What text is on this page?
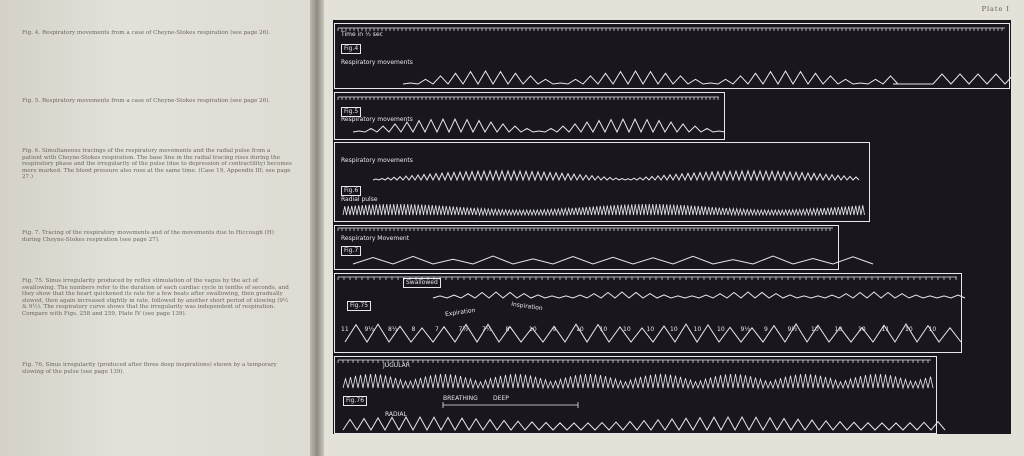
Fig. 4. Respiratory movements from a case of Cheyne-Stokes respiration (see page 26).
Fig. 5. Respiratory movements from a case of Cheyne-Stokes respiration (see page 26).
Fig. 6. Simultaneous tracings of the respiratory movements and the radial pulse from a patient with Cheyne-Stokes respiration. The base line in the radial tracing rises during the respiratory phase and the irregularity of the pulse (due to depression of contractility) becomes more marked. The blood pressure also rose at the same time. (Case 19, Appendix III; see page 27.)
Fig. 7. Tracing of the respiratory movements and of the movements due to Hiccough (H) during Cheyne-Stokes respiration (see page 27).
Fig. 75. Sinus irregularity produced by reflex stimulation of the vagus by the act of swallowing. The numbers refer to the duration of each cardiac cycle in tenths of seconds, and they show that the heart quickened its rate for a few beats after swallowing, then gradually slowed, then again increased slightly in rate, followed by another short period of slowing (9½ & 9½). The respiratory curve shows that the irregularity was independent of respiration. Compare with Figs. 258 and 259, Plate IV (see page 139).
Fig. 76. Sinus irregularity (produced after three deep inspirations) shown by a temporary slowing of the pulse (see page 139).
Plate I
Time in ⅕ sec
Fig.4
Respiratory movements
Fig.5
Respiratory movements
Respiratory movements
Fig.6
Radial pulse
Respiratory Movement
Fig.7
Fig.75
Swallowed
Expiration
Inspiration
11	9½ 8½ 8	7	7½ 7½ 8	10	9	10	10	10	10	10	10	10	9½ 9	9½ 10	10	10	11	10	10
JUGULAR
Fig.76	BREATHING	DEEP
RADIAL
